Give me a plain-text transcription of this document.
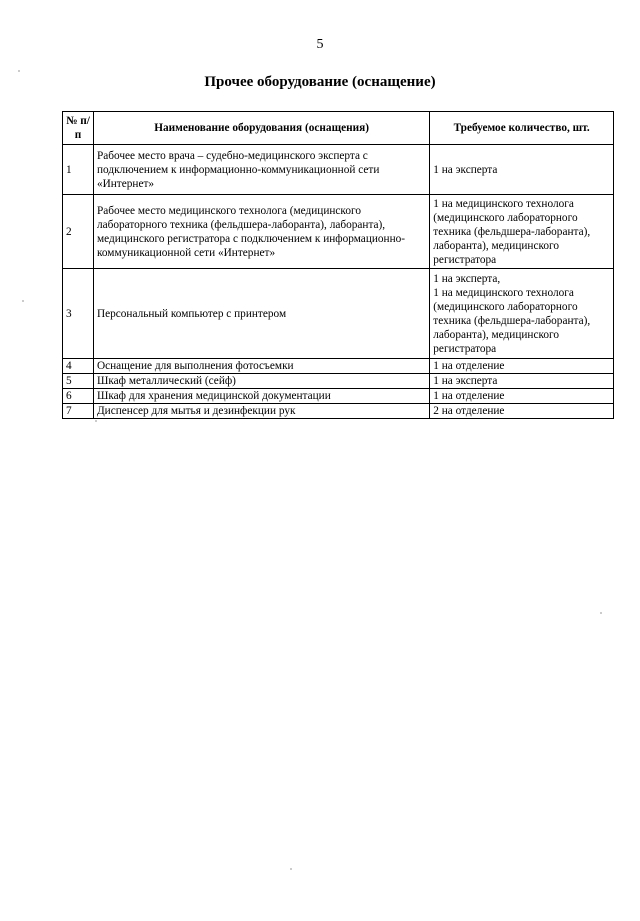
5
Прочее оборудование (оснащение)
№ п/п	Наименование оборудования (оснащения)	Требуемое количество, шт.
1	Рабочее место врача – судебно-медицинского эксперта с подключением к информационно-коммуникационной сети «Интернет»	1 на эксперта
2	Рабочее место медицинского технолога (медицинского лабораторного техника (фельдшера-лаборанта), лаборанта), медицинского регистратора с подключением к информационно-коммуникационной сети «Интернет»	1 на медицинского технолога (медицинского лабораторного техника (фельдшера-лаборанта), лаборанта), медицинского регистратора
3	Персональный компьютер с принтером	1 на эксперта,
1 на медицинского технолога (медицинского лабораторного техника (фельдшера-лаборанта), лаборанта), медицинского регистратора
4	Оснащение для выполнения фотосъемки	1 на отделение
5	Шкаф металлический (сейф)	1 на эксперта
6	Шкаф для хранения медицинской документации	1 на отделение
7	Диспенсер для мытья и дезинфекции рук	2 на отделение
